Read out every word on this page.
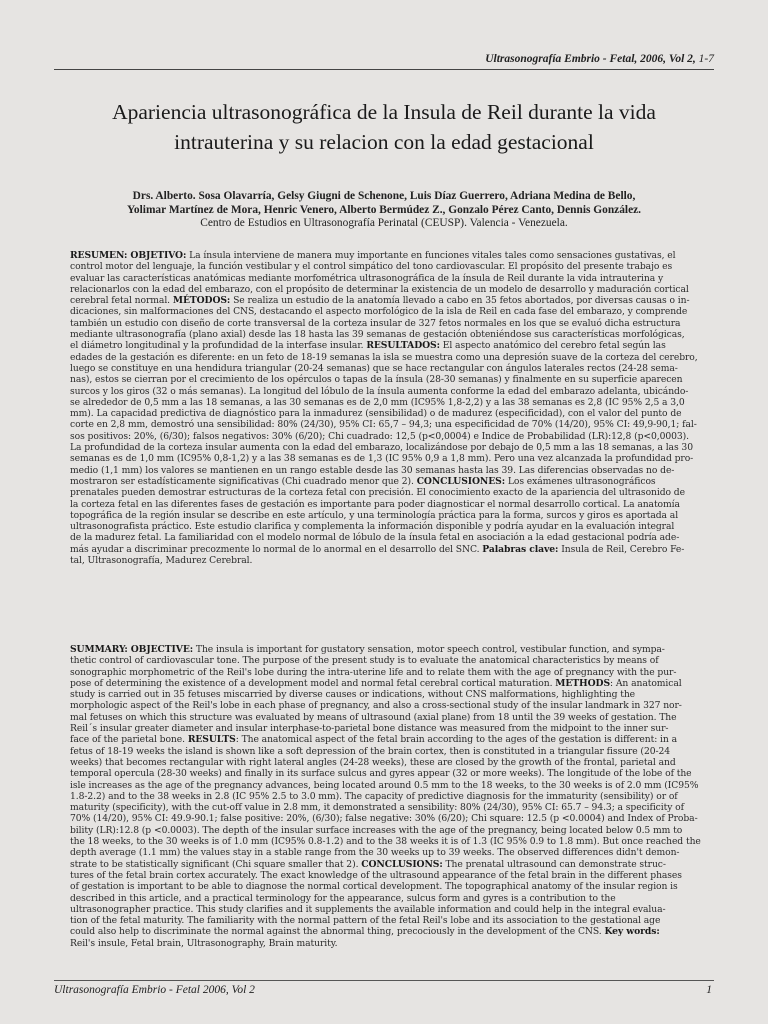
Ultrasonografía Embrio - Fetal, 2006, Vol 2, 1-7
Apariencia ultrasonográfica de la Insula de Reil durante la vida
intrauterina y su relacion con la edad gestacional
Drs. Alberto. Sosa Olavarría, Gelsy Giugni de Schenone, Luis Díaz Guerrero, Adriana Medina de Bello,
Yolimar Martínez de Mora, Henric Venero, Alberto Bermúdez Z., Gonzalo Pérez Canto, Dennis González.
Centro de Estudios en Ultrasonografía Perinatal (CEUSP). Valencia - Venezuela.
RESUMEN: OBJETIVO: La ínsula interviene de manera muy importante en funciones vitales tales como sensaciones gustativas, el
control motor del lenguaje, la función vestibular y el control simpático del tono cardiovascular. El propósito del presente trabajo es
evaluar las características anatómicas mediante morfométrica ultrasonográfica de la ínsula de Reil durante la vida intrauterina y
relacionarlos con la edad del embarazo, con el propósito de determinar la existencia de un modelo de desarrollo y maduración cortical
cerebral fetal normal. MÉTODOS: Se realiza un estudio de la anatomía llevado a cabo en 35 fetos abortados, por diversas causas o in-
dicaciones, sin malformaciones del CNS, destacando el aspecto morfológico de la isla de Reil en cada fase del embarazo, y comprende
también un estudio con diseño de corte transversal de la corteza insular de 327 fetos normales en los que se evaluó dicha estructura
mediante ultrasonografía (plano axial) desde las 18 hasta las 39 semanas de gestación obteniéndose sus características morfológicas,
el diámetro longitudinal y la profundidad de la interfase insular. RESULTADOS: El aspecto anatómico del cerebro fetal según las
edades de la gestación es diferente: en un feto de 18-19 semanas la isla se muestra como una depresión suave de la corteza del cerebro,
luego se constituye en una hendidura triangular (20-24 semanas) que se hace rectangular con ángulos laterales rectos (24-28 sema-
nas), estos se cierran por el crecimiento de los opérculos o tapas de la ínsula (28-30 semanas) y finalmente en su superficie aparecen
surcos y los giros (32 o más semanas). La longitud del lóbulo de la ínsula aumenta conforme la edad del embarazo adelanta, ubicándo-
se alrededor de 0,5 mm a las 18 semanas, a las 30 semanas es de 2,0 mm (IC95% 1,8-2,2) y a las 38 semanas es 2,8 (IC 95% 2,5 a 3,0
mm). La capacidad predictiva de diagnóstico para la inmadurez (sensibilidad) o de madurez (especificidad), con el valor del punto de
corte en 2,8 mm, demostró una sensibilidad: 80% (24/30), 95% CI: 65,7 – 94,3; una especificidad de 70% (14/20), 95% CI: 49,9-90,1; fal-
sos positivos: 20%, (6/30); falsos negativos: 30% (6/20); Chi cuadrado: 12,5 (p<0,0004) e Indice de Probabilidad (LR):12,8 (p<0,0003).
La profundidad de la corteza insular aumenta con la edad del embarazo, localizándose por debajo de 0,5 mm a las 18 semanas, a las 30
semanas es de 1,0 mm (IC95% 0,8-1,2) y a las 38 semanas es de 1,3 (IC 95% 0,9 a 1,8 mm). Pero una vez alcanzada la profundidad pro-
medio (1,1 mm) los valores se mantienen en un rango estable desde las 30 semanas hasta las 39. Las diferencias observadas no de-
mostraron ser estadísticamente significativas (Chi cuadrado menor que 2). CONCLUSIONES: Los exámenes ultrasonográficos
prenatales pueden demostrar estructuras de la corteza fetal con precisión. El conocimiento exacto de la apariencia del ultrasonido de
la corteza fetal en las diferentes fases de gestación es importante para poder diagnosticar el normal desarrollo cortical. La anatomía
topográfica de la región insular se describe en este artículo, y una terminología práctica para la forma, surcos y giros es aportada al
ultrasonografista práctico. Este estudio clarifica y complementa la información disponible y podría ayudar en la evaluación integral
de la madurez fetal. La familiaridad con el modelo normal de lóbulo de la ínsula fetal en asociación a la edad gestacional podría ade-
más ayudar a discriminar precozmente lo normal de lo anormal en el desarrollo del SNC. Palabras clave: Insula de Reil, Cerebro Fe-
tal, Ultrasonografía, Madurez Cerebral.
SUMMARY: OBJECTIVE: The insula is important for gustatory sensation, motor speech control, vestibular function, and sympa-
thetic control of cardiovascular tone. The purpose of the present study is to evaluate the anatomical characteristics by means of
sonographic morphometric of the Reil's lobe during the intra-uterine life and to relate them with the age of pregnancy with the pur-
pose of determining the existence of a development model and normal fetal cerebral cortical maturation. METHODS: An anatomical
study is carried out in 35 fetuses miscarried by diverse causes or indications, without CNS malformations, highlighting the
morphologic aspect of the Reil's lobe in each phase of pregnancy, and also a cross-sectional study of the insular landmark in 327 nor-
mal fetuses on which this structure was evaluated by means of ultrasound (axial plane) from 18 until the 39 weeks of gestation. The
Reil´s insular greater diameter and insular interphase-to-parietal bone distance was measured from the midpoint to the inner sur-
face of the parietal bone. RESULTS: The anatomical aspect of the fetal brain according to the ages of the gestation is different: in a
fetus of 18-19 weeks the island is shown like a soft depression of the brain cortex, then is constituted in a triangular fissure (20-24
weeks) that becomes rectangular with right lateral angles (24-28 weeks), these are closed by the growth of the frontal, parietal and
temporal opercula (28-30 weeks) and finally in its surface sulcus and gyres appear (32 or more weeks). The longitude of the lobe of the
isle increases as the age of the pregnancy advances, being located around 0.5 mm to the 18 weeks, to the 30 weeks is of 2.0 mm (IC95%
1.8-2.2) and to the 38 weeks in 2.8 (IC 95% 2.5 to 3.0 mm). The capacity of predictive diagnosis for the immaturity (sensibility) or of
maturity (specificity), with the cut-off value in 2.8 mm, it demonstrated a sensibility: 80% (24/30), 95% CI: 65.7 – 94.3; a specificity of
70% (14/20), 95% CI: 49.9-90.1; false positive: 20%, (6/30); false negative: 30% (6/20); Chi square: 12.5 (p <0.0004) and Index of Proba-
bility (LR):12.8 (p <0.0003). The depth of the insular surface increases with the age of the pregnancy, being located below 0.5 mm to
the 18 weeks, to the 30 weeks is of 1.0 mm (IC95% 0.8-1.2) and to the 38 weeks it is of 1.3 (IC 95% 0.9 to 1.8 mm). But once reached the
depth average (1.1 mm) the values stay in a stable range from the 30 weeks up to 39 weeks. The observed differences didn't demon-
strate to be statistically significant (Chi square smaller that 2). CONCLUSIONS: The prenatal ultrasound can demonstrate struc-
tures of the fetal brain cortex accurately. The exact knowledge of the ultrasound appearance of the fetal brain in the different phases
of gestation is important to be able to diagnose the normal cortical development. The topographical anatomy of the insular region is
described in this article, and a practical terminology for the appearance, sulcus form and gyres is a contribution to the
ultrasonographer practice. This study clarifies and it supplements the available information and could help in the integral evalua-
tion of the fetal maturity. The familiarity with the normal pattern of the fetal Reil's lobe and its association to the gestational age
could also help to discriminate the normal against the abnormal thing, precociously in the development of the CNS. Key words:
Reil's insule, Fetal brain, Ultrasonography, Brain maturity.
Ultrasonografía Embrio - Fetal 2006, Vol 2	1
